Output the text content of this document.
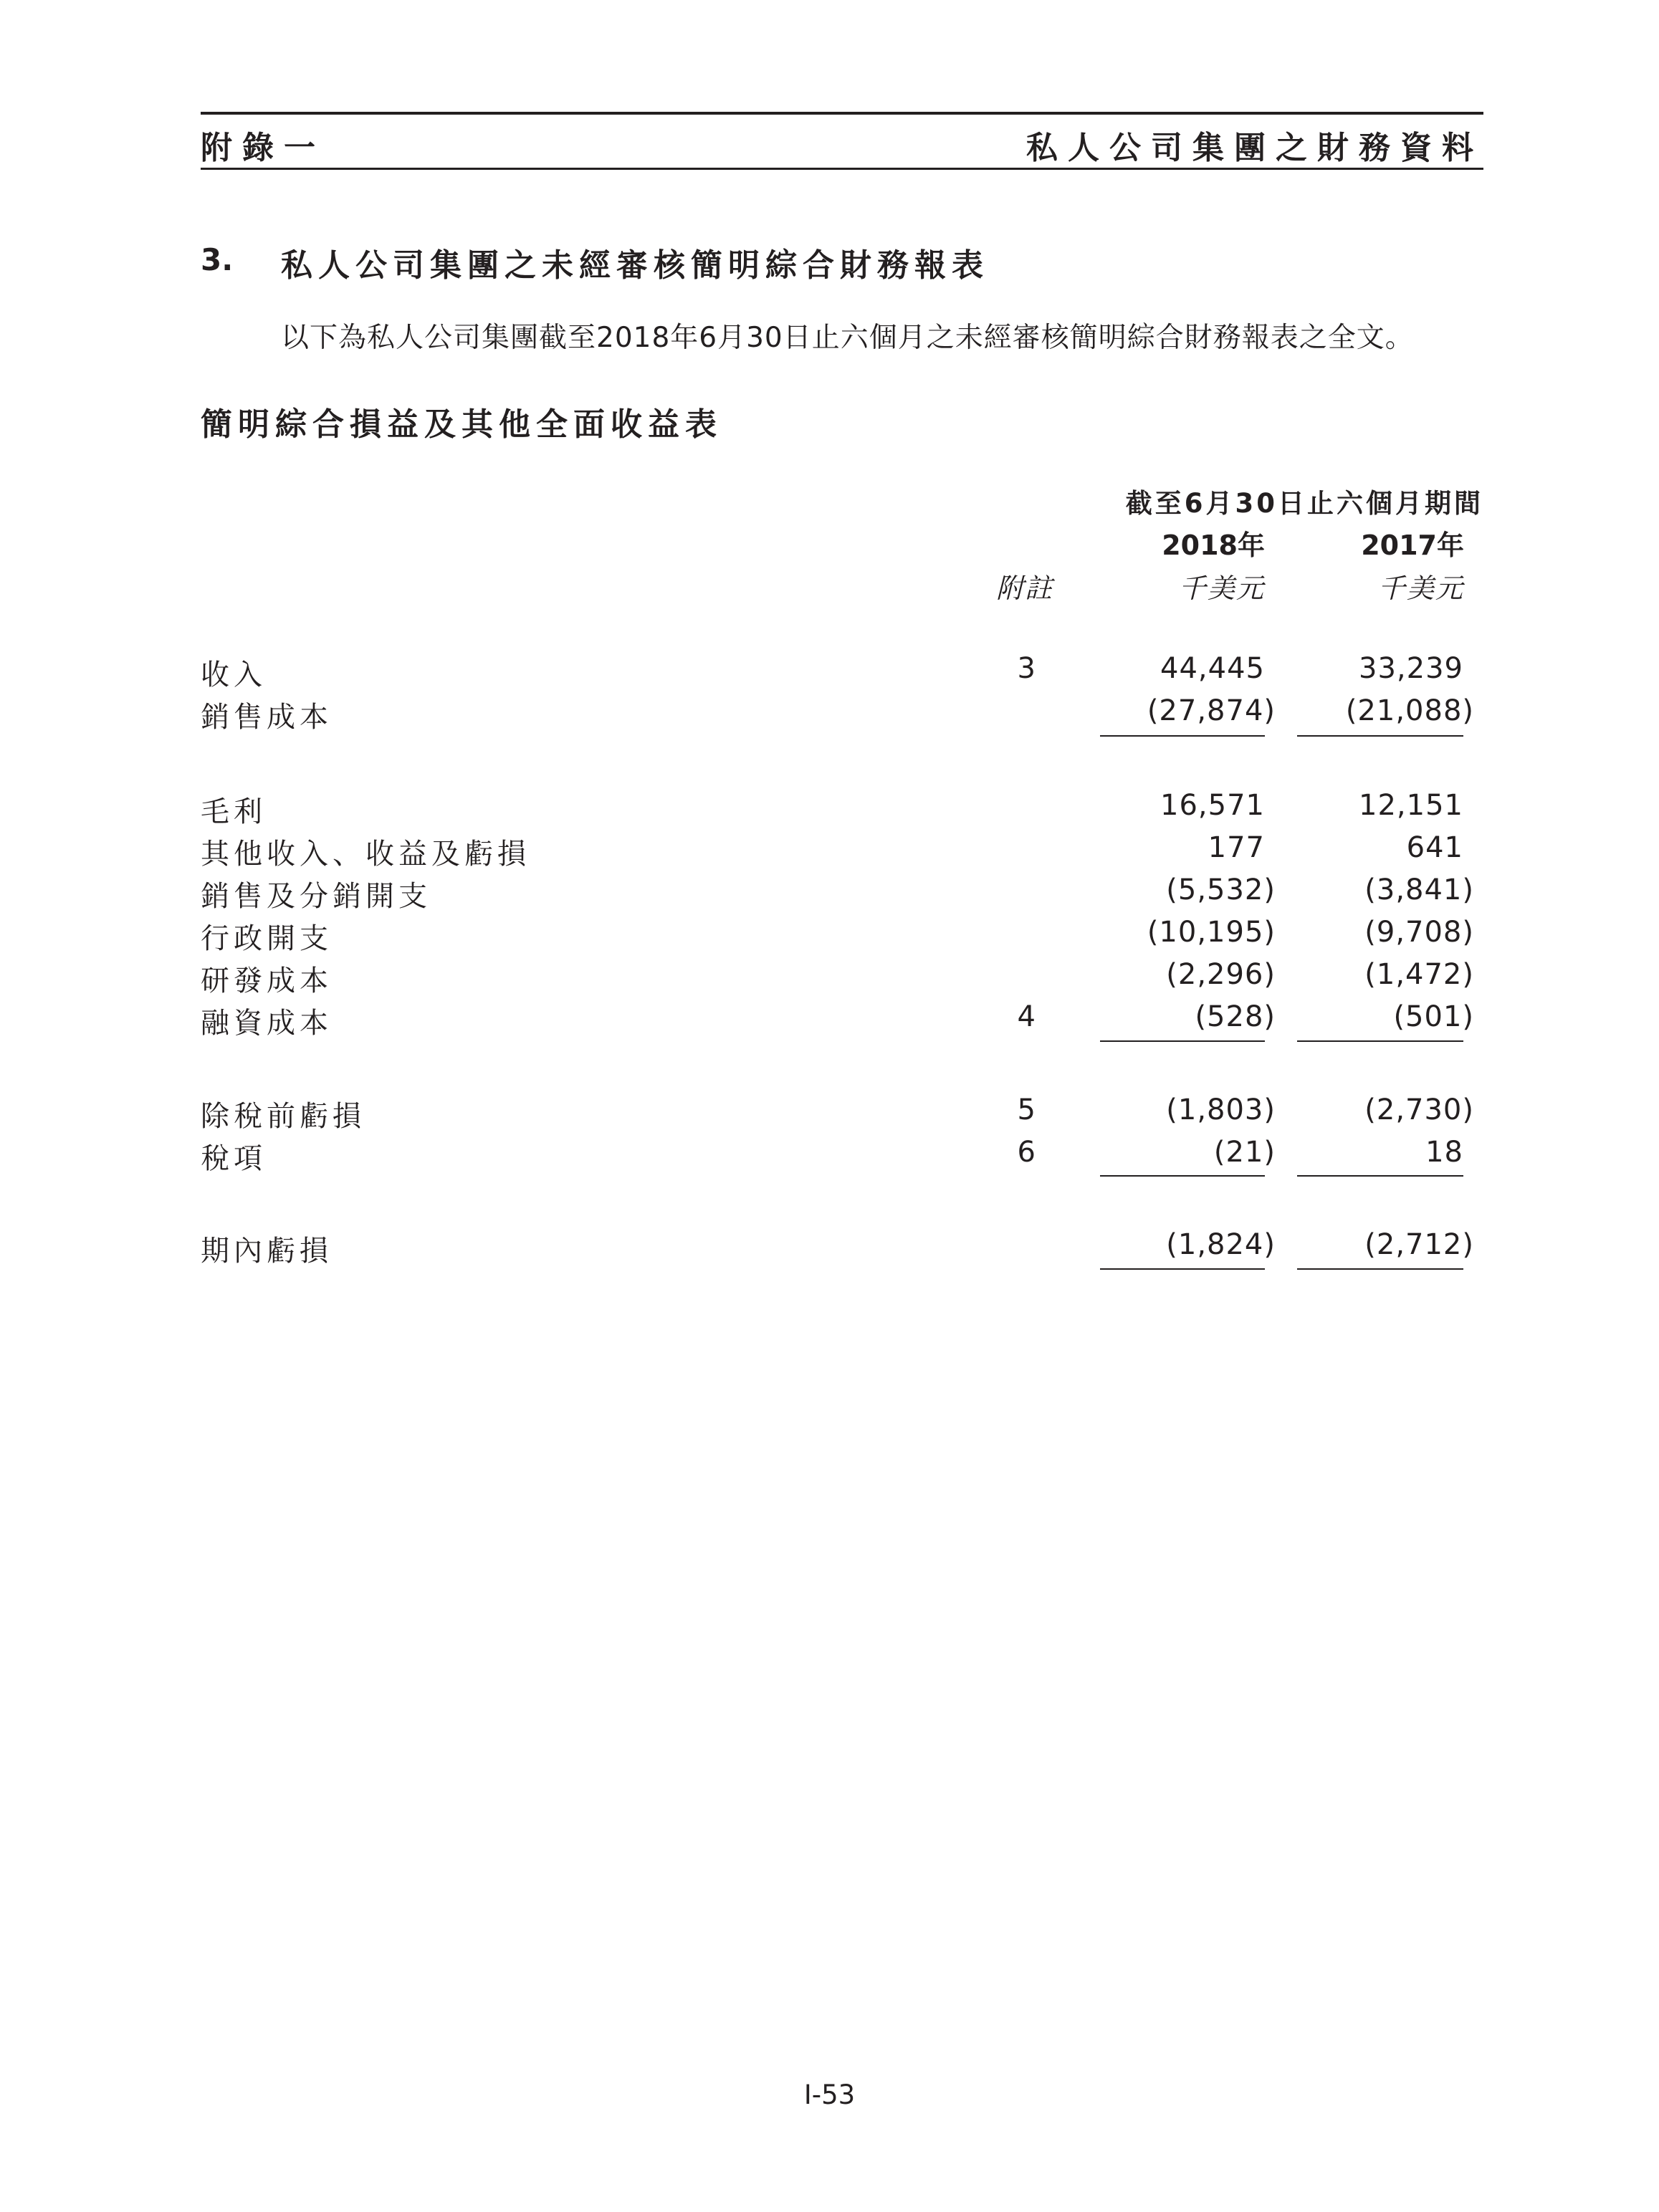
附錄一	私人公司集團之財務資料
3. 私人公司集團之未經審核簡明綜合財務報表
以下為私人公司集團截至2018年6月30日止六個月之未經審核簡明綜合財務報表之全文。
簡明綜合損益及其他全面收益表
截至6月30日止六個月期間
2018年	2017年
附註	千美元	千美元
收入	3	44,445	33,239
銷售成本	(27,874) (21,088)
毛利	16,571	12,151
其他收入、收益及虧損	177	641
銷售及分銷開支	(5,532)	(3,841)
行政開支	(10,195)	(9,708)
研發成本	(2,296)	(1,472)
融資成本	4	(528)	(501)
除稅前虧損	5	(1,803)	(2,730)
稅項	6	(21)	18
期內虧損	(1,824)	(2,712)
I-53
